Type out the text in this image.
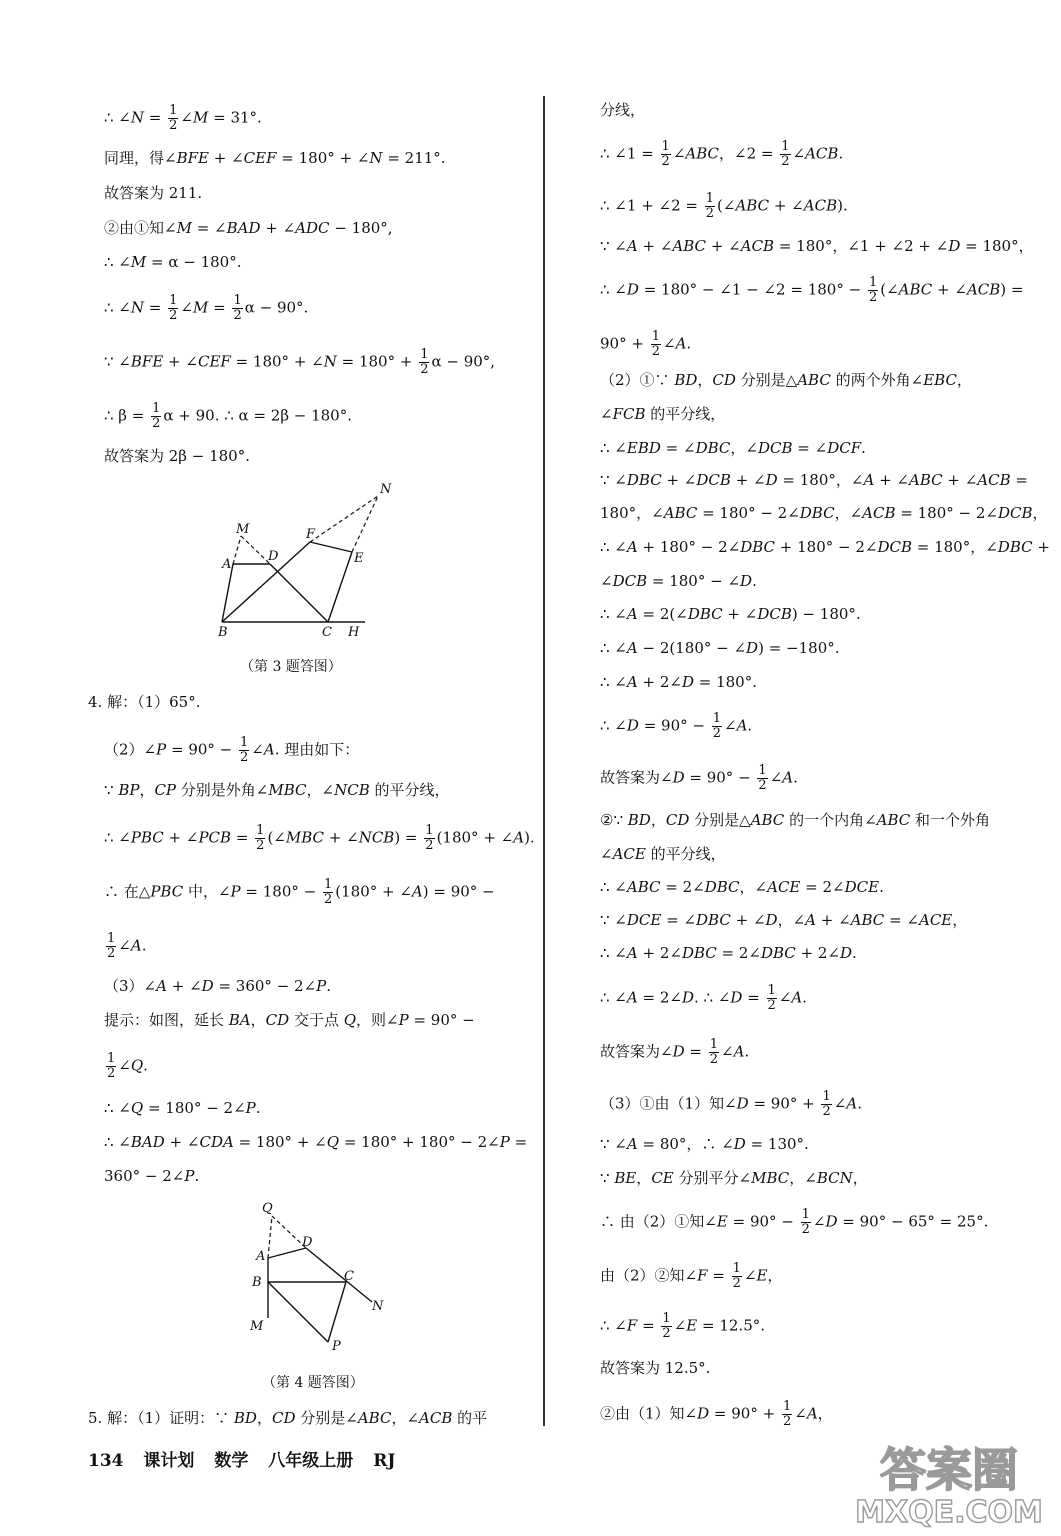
∴ ∠N = $\frac{1}{2}$ ∠M = 31°.
同理，得∠BFE + ∠CEF = 180° + ∠N = 211°.
故答案为 211.
②由①知∠M = ∠BAD + ∠ADC − 180°,
∴ ∠M = α − 180°.
∴ ∠N = $\frac{1}{2}$ ∠M = $\frac{1}{2}$ α − 90°.
∵ ∠BFE + ∠CEF = 180° + ∠N = $180^\circ + \frac{1}{2}$ α − 90°,
∴ $\beta = \frac{1}{2}$ α + 90. ∴ α = 2β − 180°.
故答案为 2β − 180°.
4. 解：（1）65°.
（2）∠P = $90^\circ - \frac{1}{2}$ ∠A. 理由如下：
∵ BP，CP 分别是外角∠MBC，∠NCB 的平分线，
∴ ∠PBC + ∠PCB = $\frac{1}{2}$ (∠MBC + ∠NCB) = $\frac{1}{2} (180^\circ$ + ∠A).
∴ 在△PBC 中，∠P = $180^\circ - \frac{1}{2} (180^\circ$ + ∠A) = 90° −
$\frac{1}{2}$ ∠A.
（3）∠A + ∠D = 360° − 2∠P.
提示：如图，延长 BA，CD 交于点 Q，则∠P = 90° −
$\frac{1}{2}$ ∠Q.
∴ ∠Q = 180° − 2∠P.
∴ ∠BAD + ∠CDA = 180° + ∠Q = 180° + 180° − 2∠P =
360° − 2∠P.
5. 解：（1）证明：∵ BD，CD 分别是∠ABC，∠ACB 的平
分线，
∴ ∠1 = $\frac{1}{2}$ ∠ABC，∠2 = $\frac{1}{2}$ ∠ACB.
∴ ∠1 + ∠2 = $\frac{1}{2}$ (∠ABC + ∠ACB).
∵ ∠A + ∠ABC + ∠ACB = 180°，∠1 + ∠2 + ∠D = 180°，
∴ ∠D = 180° − ∠1 − ∠2 = $180^\circ - \frac{1}{2}$ (∠ABC + ∠ACB) =
$90^\circ + \frac{1}{2}$ ∠A.
（2）①∵ BD，CD 分别是△ABC 的两个外角∠EBC，
∠FCB 的平分线，
∴ ∠EBD = ∠DBC，∠DCB = ∠DCF.
∵ ∠DBC + ∠DCB + ∠D = 180°，∠A + ∠ABC + ∠ACB =
180°，∠ABC = 180° − 2∠DBC，∠ACB = 180° − 2∠DCB，
∴ ∠A + 180° − 2∠DBC + 180° − 2∠DCB = 180°，∠DBC +
∠DCB = 180° − ∠D.
∴ ∠A = 2(∠DBC + ∠DCB) − 180°.
∴ ∠A − 2(180° − ∠D) = −180°.
∴ ∠A + 2∠D = 180°.
∴ ∠D = $90^\circ - \frac{1}{2}$ ∠A.
故答案为∠D = $90^\circ - \frac{1}{2}$ ∠A.
②∵ BD，CD 分别是△ABC 的一个内角∠ABC 和一个外角
∠ACE 的平分线，
∴ ∠ABC = 2∠DBC，∠ACE = 2∠DCE.
∵ ∠DCE = ∠DBC + ∠D，∠A + ∠ABC = ∠ACE，
∴ ∠A + 2∠DBC = 2∠DBC + 2∠D.
∴ ∠A = 2∠D. ∴ ∠D = $\frac{1}{2}$ ∠A.
故答案为∠D = $\frac{1}{2}$ ∠A.
（3）①由（1）知∠D = $90^\circ + \frac{1}{2}$ ∠A.
∵ ∠A = 80°，∴ ∠D = 130°.
∵ BE，CE 分别平分∠MBC，∠BCN，
∴ 由（2）①知∠E = $90^\circ - \frac{1}{2}$ ∠D = 90° − 65° = 25°.
由（2）②知∠F = $\frac{1}{2}$ ∠E，
∴ ∠F = $\frac{1}{2}$ ∠E = 12.5°.
故答案为 12.5°.
②由（1）知∠D = $90^\circ + \frac{1}{2}$ ∠A，
M
A
D
F
E
N
B	C H
（第 3 题答图）
Q
D
A
B	C
N
M
P
（第 4 题答图）
134 课计划 数学 八年级上册 RJ	答案圈
MXQE.COM
